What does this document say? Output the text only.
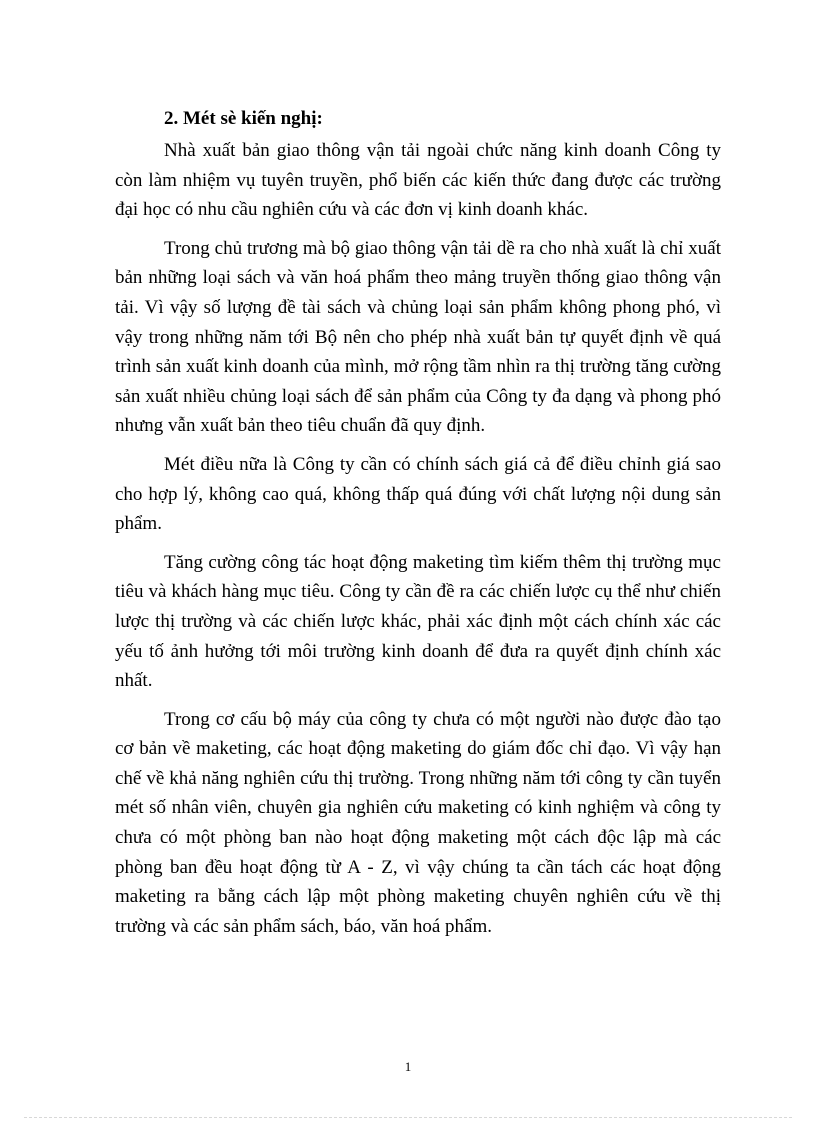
2. Mét sè kiến nghị:

Nhà xuất bản giao thông vận tải ngoài chức năng kinh doanh Công ty còn làm nhiệm vụ tuyên truyền, phổ biến các kiến thức đang được các trường đại học có nhu cầu nghiên cứu và các đơn vị kinh doanh khác.

Trong chủ trương mà bộ giao thông vận tải dề ra cho nhà xuất là chỉ xuất bản những loại sách và văn hoá phẩm theo mảng truyền thống giao thông vận tải. Vì vậy số lượng đề tài sách và chủng loại sản phẩm không phong phó, vì vậy trong những năm tới Bộ nên cho phép nhà xuất bản tự quyết định về quá trình sản xuất kinh doanh của mình, mở rộng tầm nhìn ra thị trường tăng cường sản xuất nhiều chủng loại sách để sản phẩm của Công ty đa dạng và phong phó nhưng vẫn xuất bản theo tiêu chuẩn đã quy định.

Mét điều nữa là Công ty cần có chính sách giá cả để điều chỉnh giá sao cho hợp lý, không cao quá, không thấp quá đúng với chất lượng nội dung sản phẩm.

Tăng cường công tác hoạt động maketing tìm kiếm thêm thị trường mục tiêu và khách hàng mục tiêu. Công ty cần đề ra các chiến lược cụ thể như chiến lược thị trường và các chiến lược khác, phải xác định một cách chính xác các yếu tố ảnh hưởng tới môi trường kinh doanh để đưa ra quyết định chính xác nhất.

Trong cơ cấu bộ máy của công ty chưa có một người nào được đào tạo cơ bản về maketing, các hoạt động maketing do giám đốc chỉ đạo. Vì vậy hạn chế về khả năng nghiên cứu thị trường. Trong những năm tới công ty cần tuyển mét số nhân viên, chuyên gia nghiên cứu maketing có kinh nghiệm và công ty chưa có một phòng ban nào hoạt động maketing một cách độc lập mà các phòng ban đều hoạt động từ A - Z, vì vậy chúng ta cần tách các hoạt động maketing ra bằng cách lập một phòng maketing chuyên nghiên cứu về thị trường và các sản phẩm sách, báo, văn hoá phẩm.

1
